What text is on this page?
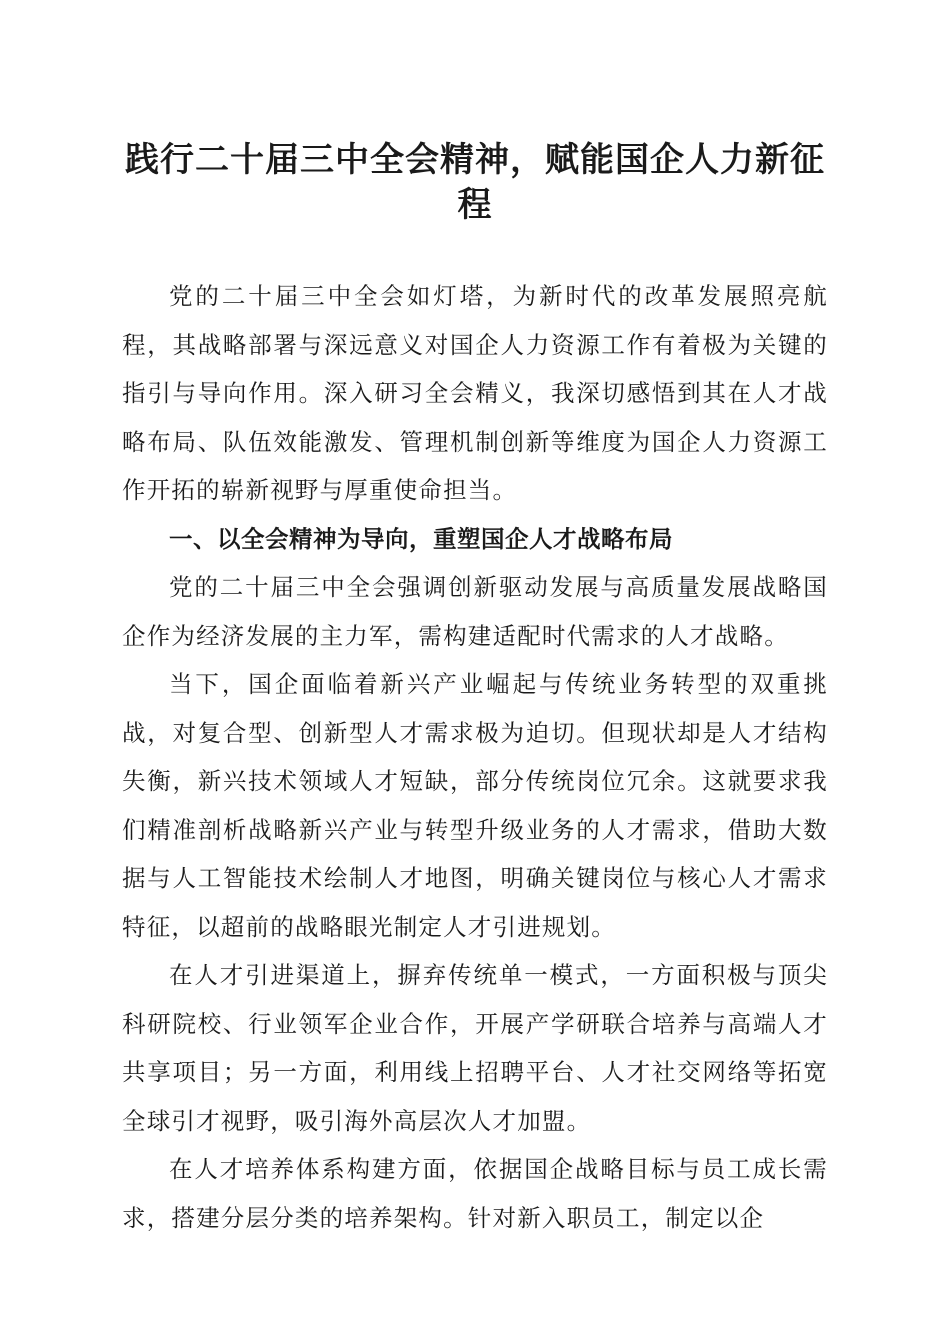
践行二十届三中全会精神，赋能国企人力新征程

党的二十届三中全会如灯塔，为新时代的改革发展照亮航程，其战略部署与深远意义对国企人力资源工作有着极为关键的指引与导向作用。深入研习全会精义，我深切感悟到其在人才战略布局、队伍效能激发、管理机制创新等维度为国企人力资源工作开拓的崭新视野与厚重使命担当。

一、以全会精神为导向，重塑国企人才战略布局

党的二十届三中全会强调创新驱动发展与高质量发展战略国企作为经济发展的主力军，需构建适配时代需求的人才战略。

当下，国企面临着新兴产业崛起与传统业务转型的双重挑战，对复合型、创新型人才需求极为迫切。但现状却是人才结构失衡，新兴技术领域人才短缺，部分传统岗位冗余。这就要求我们精准剖析战略新兴产业与转型升级业务的人才需求，借助大数据与人工智能技术绘制人才地图，明确关键岗位与核心人才需求特征，以超前的战略眼光制定人才引进规划。

在人才引进渠道上，摒弃传统单一模式，一方面积极与顶尖科研院校、行业领军企业合作，开展产学研联合培养与高端人才共享项目；另一方面，利用线上招聘平台、人才社交网络等拓宽全球引才视野，吸引海外高层次人才加盟。

在人才培养体系构建方面，依据国企战略目标与员工成长需求，搭建分层分类的培养架构。针对新入职员工，制定以企
